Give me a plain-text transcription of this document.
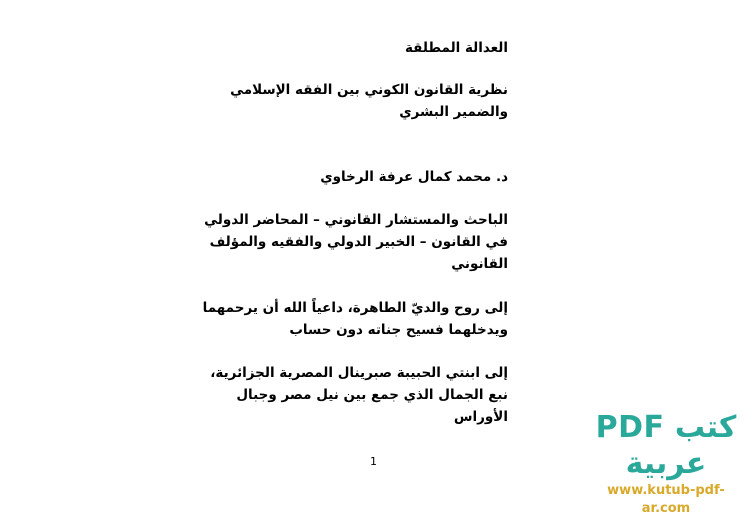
العدالة المطلقة
نظرية القانون الكوني بين الفقه الإسلامي
والضمير البشري
د. محمد كمال عرفة الرخاوي
الباحث والمستشار القانوني – المحاضر الدولي
في القانون – الخبير الدولي والفقيه والمؤلف
القانوني
إلى روح والديّ الطاهرة، داعياً الله أن يرحمهما
ويدخلهما فسيح جناته دون حساب
إلى ابنتي الحبيبة صبرينال المصرية الجزائرية،
نبع الجمال الذي جمع بين نيل مصر وجبال
الأوراس
1
كتب PDF عربية
www.kutub-pdf-ar.com
